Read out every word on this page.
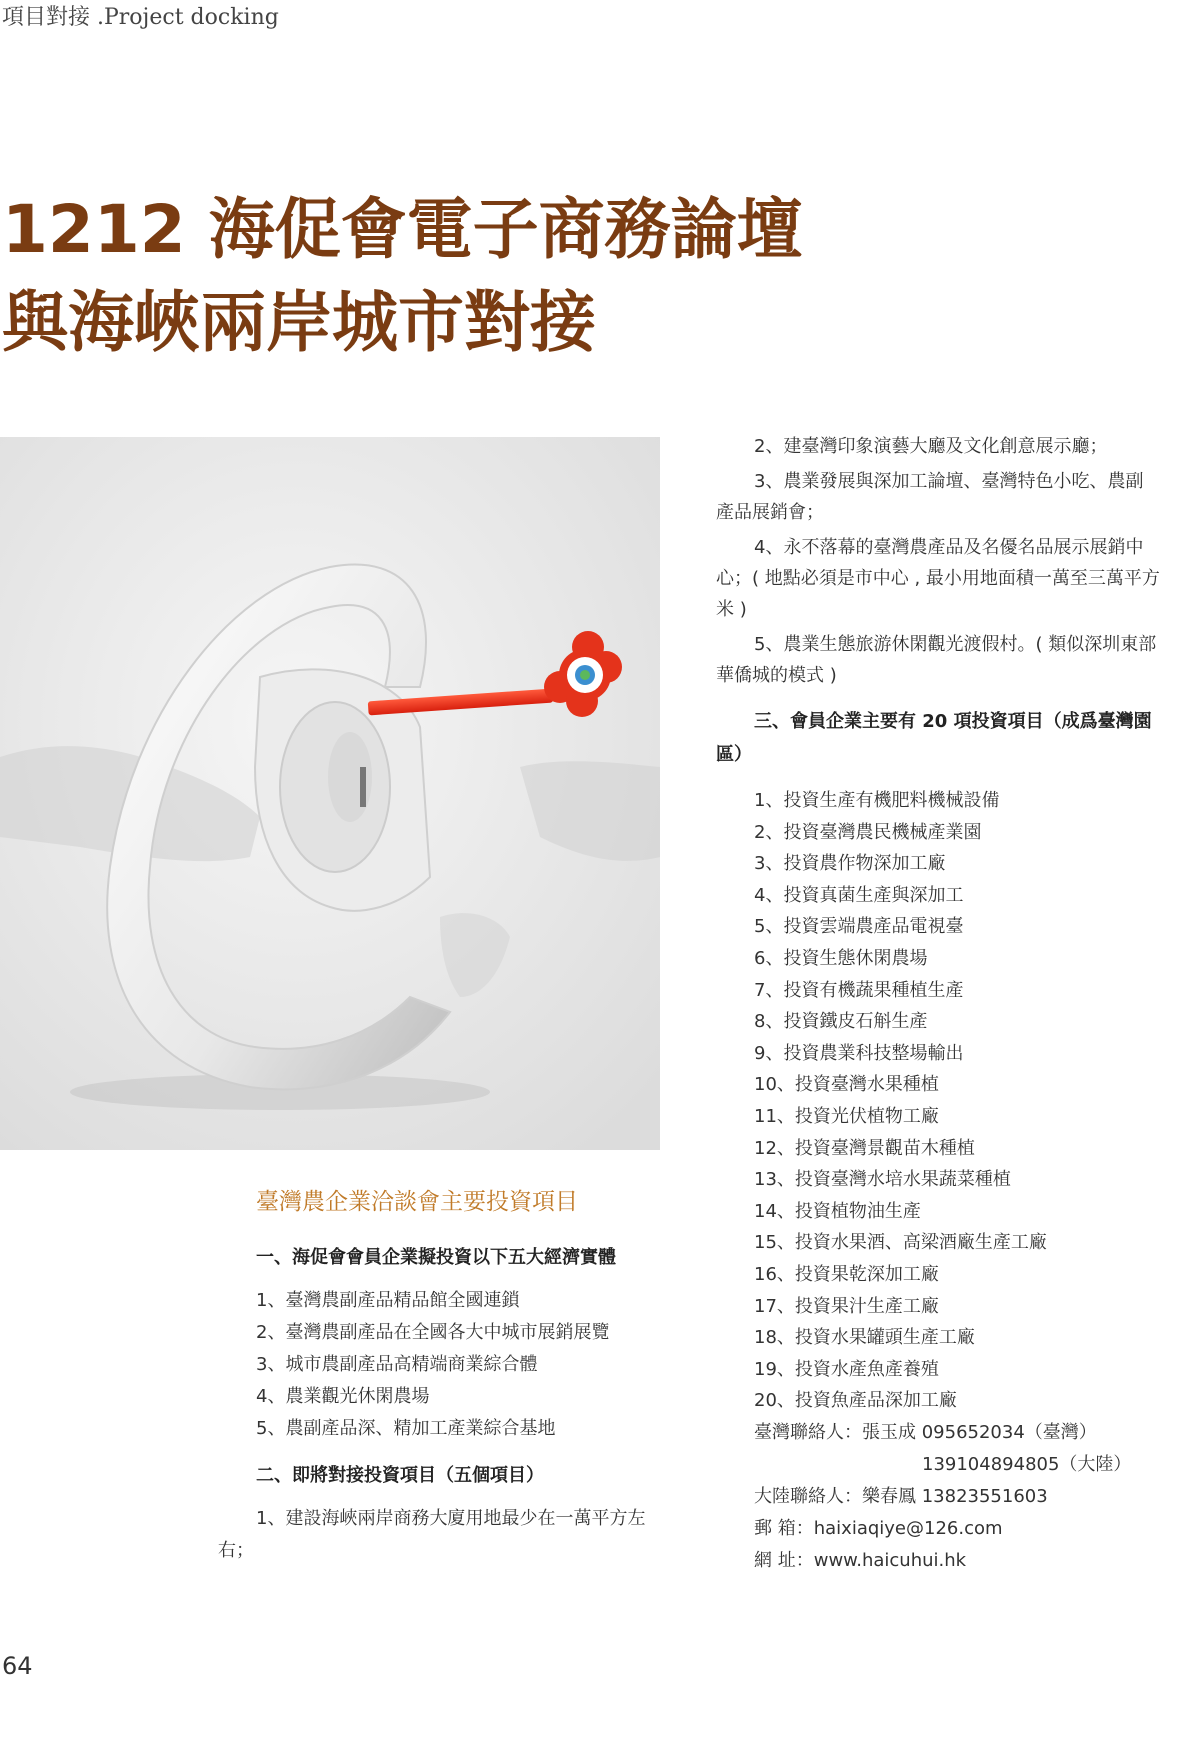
項目對接 .Project docking
1212 海促會電子商務論壇
與海峽兩岸城市對接
臺灣農企業洽談會主要投資項目

一、海促會會員企業擬投資以下五大經濟實體

1、臺灣農副產品精品館全國連鎖

2、臺灣農副產品在全國各大中城市展銷展覽

3、城市農副產品高精端商業綜合體

4、農業觀光休閑農場

5、農副產品深、精加工產業綜合基地

二、即將對接投資項目（五個項目）

1、建設海峽兩岸商務大廈用地最少在一萬平方左右；

2、建臺灣印象演藝大廳及文化創意展示廳；

3、農業發展與深加工論壇、臺灣特色小吃、農副產品展銷會；

4、永不落幕的臺灣農產品及名優名品展示展銷中心；( 地點必須是市中心 , 最小用地面積一萬至三萬平方米 )

5、農業生態旅游休閑觀光渡假村。( 類似深圳東部華僑城的模式 )

三、會員企業主要有 20 項投資項目（成爲臺灣園區）

1、投資生產有機肥料機械設備

2、投資臺灣農民機械產業園

3、投資農作物深加工廠

4、投資真菌生產與深加工

5、投資雲端農產品電視臺

6、投資生態休閑農場

7、投資有機蔬果種植生產

8、投資鐵皮石斛生產

9、投資農業科技整場輸出

10、投資臺灣水果種植

11、投資光伏植物工廠

12、投資臺灣景觀苗木種植

13、投資臺灣水培水果蔬菜種植

14、投資植物油生產

15、投資水果酒、高梁酒廠生產工廠

16、投資果乾深加工廠

17、投資果汁生產工廠

18、投資水果罐頭生產工廠

19、投資水產魚產養殖

20、投資魚產品深加工廠

臺灣聯絡人：張玉成 095652034（臺灣）

13910489​4805（大陸）

大陸聯絡人：樂春鳳 13823551603

郵 箱：haixiaqiye@126.com

網 址：www.haicuhui.hk

64
